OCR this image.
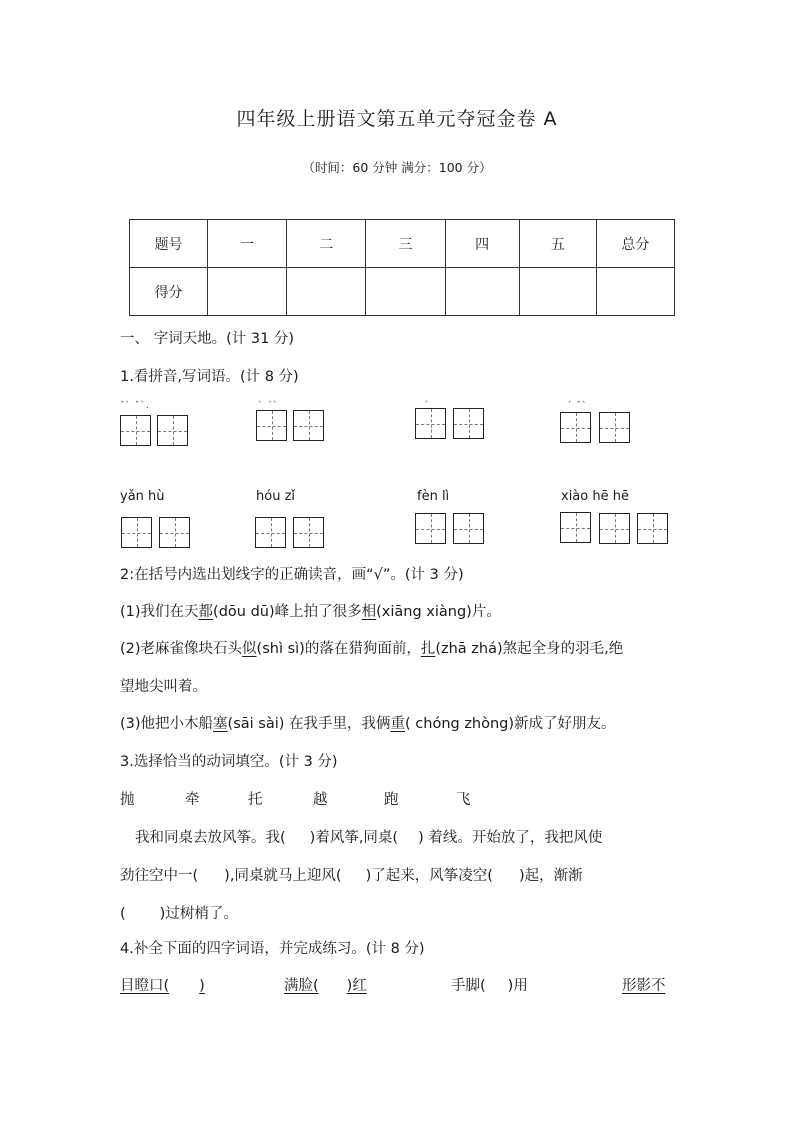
四年级上册语文第五单元夺冠金卷 A
（时间：60 分钟 满分：100 分）
题号	一	二	三	四	五	总分
得分						
一、 字词天地。(计 31 分)
1.看拼音,写词语。(计 8 分)
ˇˋ ˇˋ.	ˋ ˊˋ	ˊ	ˊ ˇˋ
yǎn hù	hóu zǐ	fèn lì	xiào hē hē
2:在括号内选出划线字的正确读音，画“√”。(计 3 分)
(1)我们在天都(dōu dū)峰上拍了很多相(xiāng xiàng)片。
(2)老麻雀像块石头似(shì sì)的落在猎狗面前，扎(zhā zhá)煞起全身的羽毛,绝
望地尖叫着。
(3)他把小木船塞(sāi sài) 在我手里，我俩重( chóng zhòng)新成了好朋友。
3.选择恰当的动词填空。(计 3 分)
抛	牵	托	越	跑	飞
我和同桌去放风筝。我( )着风筝,同桌( ) 着线。开始放了，我把风使
劲往空中一( ),同桌就马上迎风( )了起来，风筝凌空( )起，渐渐
( )过树梢了。
4.补全下面的四字词语，并完成练习。(计 8 分)
目瞪口( )	满脸( )红	手脚( )用	形影不
